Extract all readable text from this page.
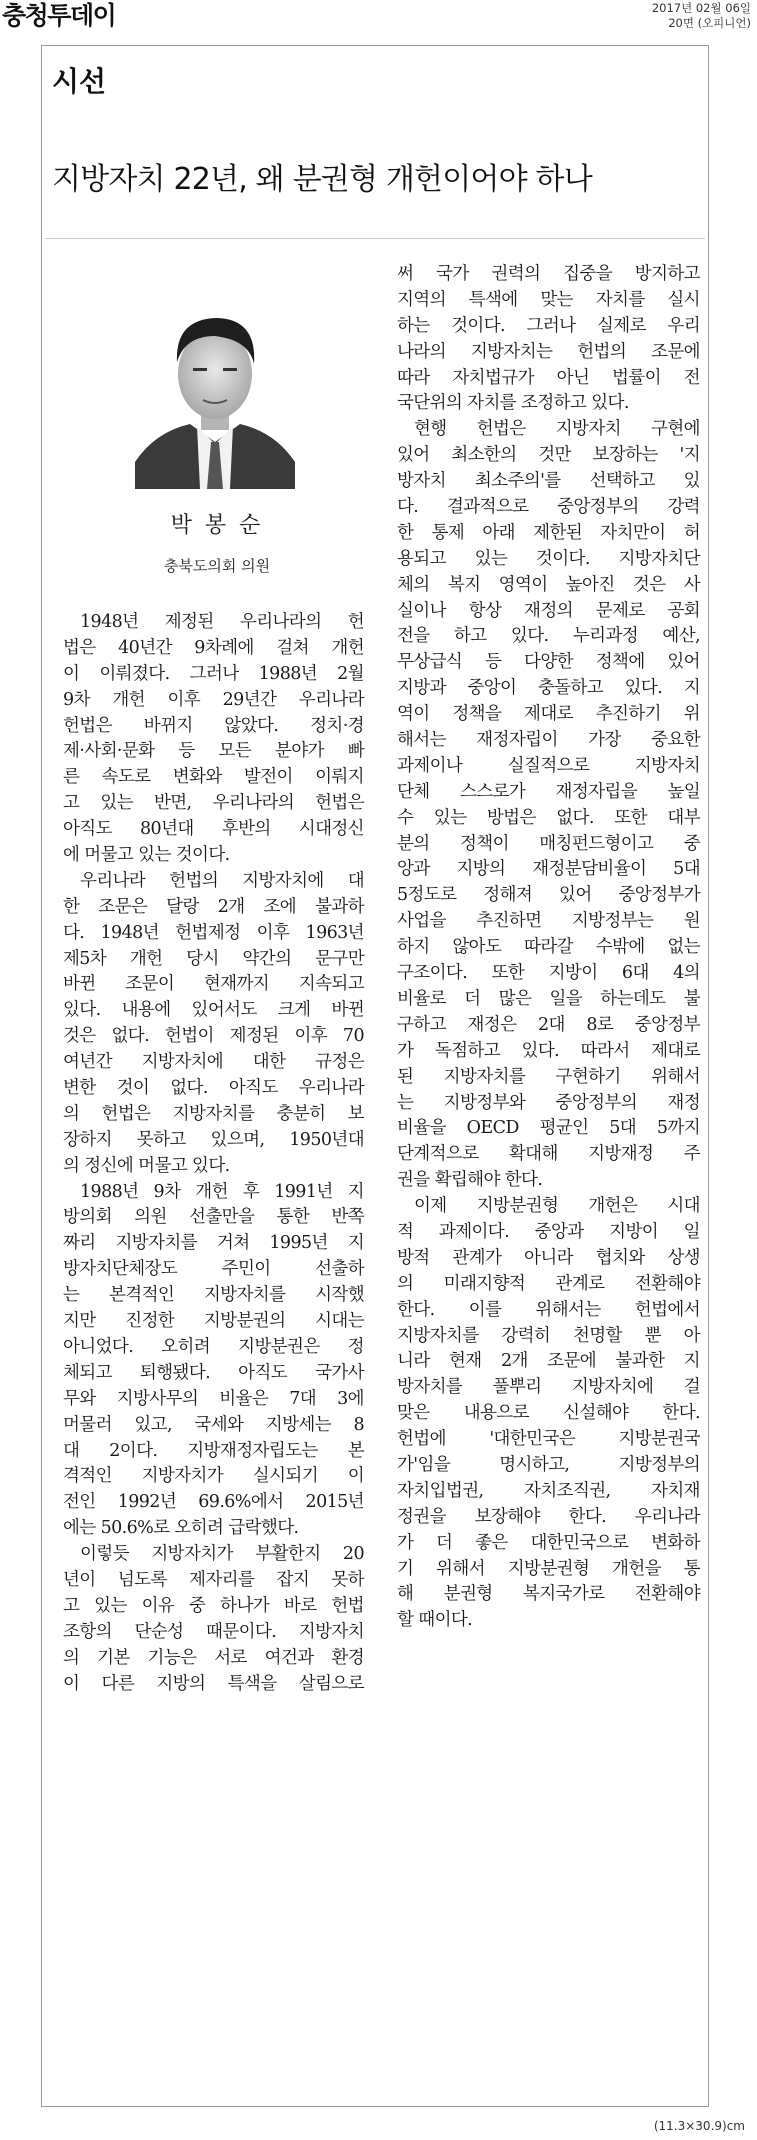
충청투데이	2017년 02월 06일
20면 (오피니언)
시선
지방자치 22년, 왜 분권형 개헌이어야 하나
박 봉 순
충북도의회 의원
1948년 제정된 우리나라의 헌
법은 40년간 9차례에 걸쳐 개헌
이 이뤄졌다. 그러나 1988년 2월
9차 개헌 이후 29년간 우리나라
헌법은 바뀌지 않았다. 정치·경
제·사회·문화 등 모든 분야가 빠
른 속도로 변화와 발전이 이뤄지
고 있는 반면, 우리나라의 헌법은
아직도 80년대 후반의 시대정신
에 머물고 있는 것이다.
우리나라 헌법의 지방자치에 대
한 조문은 달랑 2개 조에 불과하
다. 1948년 헌법제정 이후 1963년
제5차 개헌 당시 약간의 문구만
바뀐 조문이 현재까지 지속되고
있다. 내용에 있어서도 크게 바뀐
것은 없다. 헌법이 제정된 이후 70
여년간 지방자치에 대한 규정은
변한 것이 없다. 아직도 우리나라
의 헌법은 지방자치를 충분히 보
장하지 못하고 있으며, 1950년대
의 정신에 머물고 있다.
1988년 9차 개헌 후 1991년 지
방의회 의원 선출만을 통한 반쪽
짜리 지방자치를 거쳐 1995년 지
방자치단체장도 주민이 선출하
는 본격적인 지방자치를 시작했
지만 진정한 지방분권의 시대는
아니었다. 오히려 지방분권은 정
체되고 퇴행됐다. 아직도 국가사
무와 지방사무의 비율은 7대 3에
머물러 있고, 국세와 지방세는 8
대 2이다. 지방재정자립도는 본
격적인 지방자치가 실시되기 이
전인 1992년 69.6%에서 2015년
에는 50.6%로 오히려 급락했다.
이렇듯 지방자치가 부활한지 20
년이 넘도록 제자리를 잡지 못하
고 있는 이유 중 하나가 바로 헌법
조항의 단순성 때문이다. 지방자치
의 기본 기능은 서로 여건과 환경
이 다른 지방의 특색을 살림으로
써 국가 권력의 집중을 방지하고
지역의 특색에 맞는 자치를 실시
하는 것이다. 그러나 실제로 우리
나라의 지방자치는 헌법의 조문에
따라 자치법규가 아닌 법률이 전
국단위의 자치를 조정하고 있다.
현행 헌법은 지방자치 구현에
있어 최소한의 것만 보장하는 '지
방자치 최소주의'를 선택하고 있
다. 결과적으로 중앙정부의 강력
한 통제 아래 제한된 자치만이 허
용되고 있는 것이다. 지방자치단
체의 복지 영역이 높아진 것은 사
실이나 항상 재정의 문제로 공회
전을 하고 있다. 누리과정 예산,
무상급식 등 다양한 정책에 있어
지방과 중앙이 충돌하고 있다. 지
역이 정책을 제대로 추진하기 위
해서는 재정자립이 가장 중요한
과제이나 실질적으로 지방자치
단체 스스로가 재정자립을 높일
수 있는 방법은 없다. 또한 대부
분의 정책이 매칭펀드형이고 중
앙과 지방의 재정분담비율이 5대
5정도로 정해져 있어 중앙정부가
사업을 추진하면 지방정부는 원
하지 않아도 따라갈 수밖에 없는
구조이다. 또한 지방이 6대 4의
비율로 더 많은 일을 하는데도 불
구하고 재정은 2대 8로 중앙정부
가 독점하고 있다. 따라서 제대로
된 지방자치를 구현하기 위해서
는 지방정부와 중앙정부의 재정
비율을 OECD 평균인 5대 5까지
단계적으로 확대해 지방재정 주
권을 확립해야 한다.
이제 지방분권형 개헌은 시대
적 과제이다. 중앙과 지방이 일
방적 관계가 아니라 협치와 상생
의 미래지향적 관계로 전환해야
한다. 이를 위해서는 헌법에서
지방자치를 강력히 천명할 뿐 아
니라 현재 2개 조문에 불과한 지
방자치를 풀뿌리 지방자치에 걸
맞은 내용으로 신설해야 한다.
헌법에 '대한민국은 지방분권국
가'임을 명시하고, 지방정부의
자치입법권, 자치조직권, 자치재
정권을 보장해야 한다. 우리나라
가 더 좋은 대한민국으로 변화하
기 위해서 지방분권형 개헌을 통
해 분권형 복지국가로 전환해야
할 때이다.
(11.3×30.9)cm
